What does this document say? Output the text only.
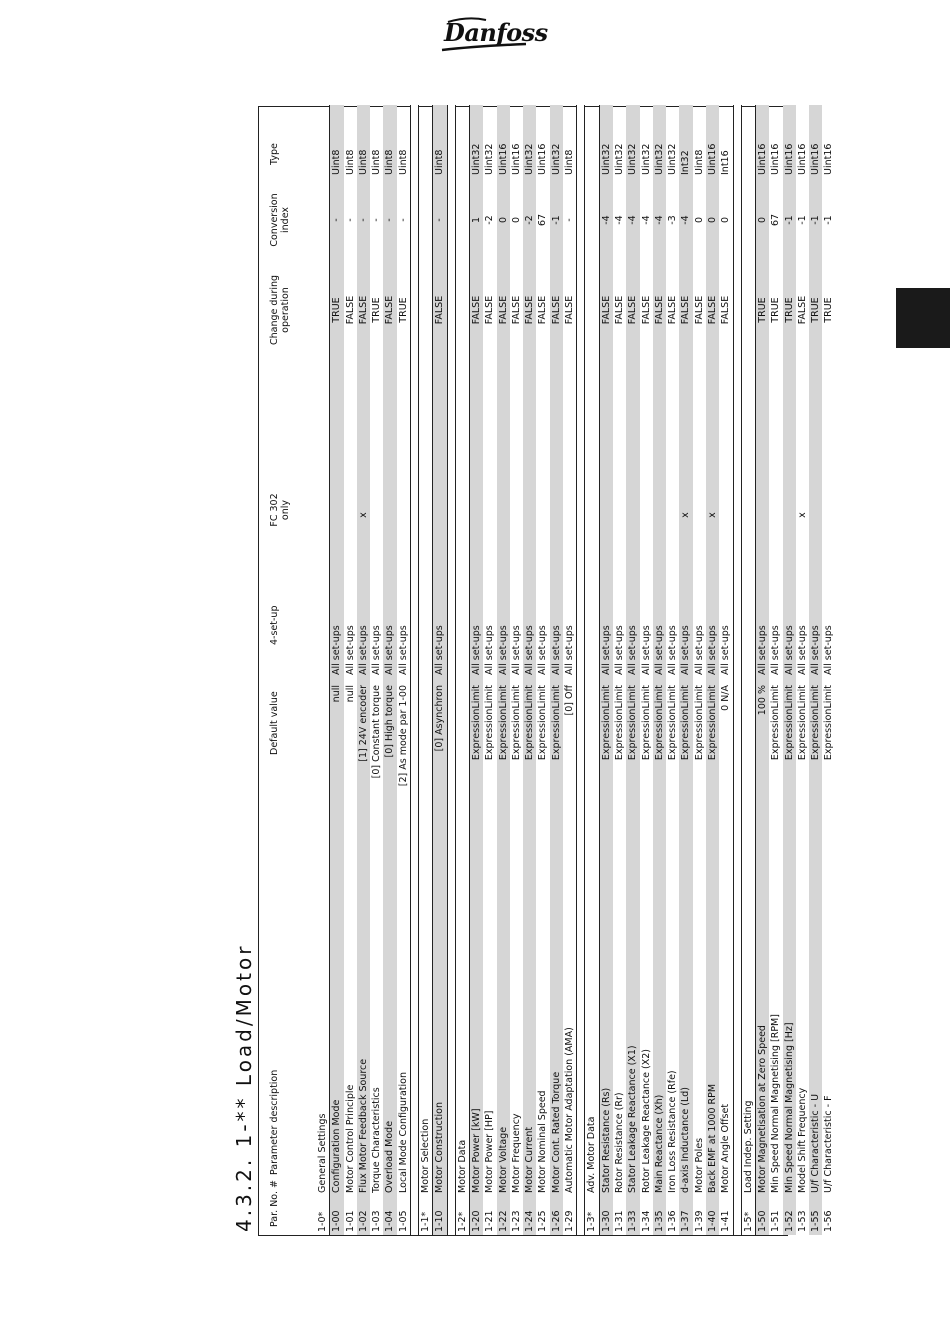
Danfoss
4.3.2. 1-** Load/Motor Par. No. #
Parameter description
Default value
4-set-up
FC 302 only
Change during operation
Conversion index
Type
1-0*
General Settings
1-00
Configuration Mode
null
All set-ups
TRUE
-
Uint8
1-01
Motor Control Principle
null
All set-ups
FALSE
-
Uint8
1-02
Flux Motor Feedback Source
[1] 24V encoder
All set-ups
x
FALSE
-
Uint8
1-03
Torque Characteristics
[0] Constant torque
All set-ups
TRUE
-
Uint8
1-04
Overload Mode
[0] High torque
All set-ups
FALSE
-
Uint8
1-05
Local Mode Configuration
[2] As mode par 1-00
All set-ups
TRUE
-
Uint8
1-1*
Motor Selection
1-10
Motor Construction
[0] Asynchron
All set-ups
FALSE
-
Uint8
1-2*
Motor Data
1-20
Motor Power [kW]
ExpressionLimit
All set-ups
FALSE
1
Uint32
1-21
Motor Power [HP]
ExpressionLimit
All set-ups
FALSE
-2
Uint32
1-22
Motor Voltage
ExpressionLimit
All set-ups
FALSE
0
Uint16
1-23
Motor Frequency
ExpressionLimit
All set-ups
FALSE
0
Uint16
1-24
Motor Current
ExpressionLimit
All set-ups
FALSE
-2
Uint32
1-25
Motor Nominal Speed
ExpressionLimit
All set-ups
FALSE
67
Uint16
1-26
Motor Cont. Rated Torque
ExpressionLimit
All set-ups
FALSE
-1
Uint32
1-29
Automatic Motor Adaptation (AMA)
[0] Off
All set-ups
FALSE
-
Uint8
1-3*
Adv. Motor Data
1-30
Stator Resistance (Rs)
ExpressionLimit
All set-ups
FALSE
-4
Uint32
1-31
Rotor Resistance (Rr)
ExpressionLimit
All set-ups
FALSE
-4
Uint32
1-33
Stator Leakage Reactance (X1)
ExpressionLimit
All set-ups
FALSE
-4
Uint32
1-34
Rotor Leakage Reactance (X2)
ExpressionLimit
All set-ups
FALSE
-4
Uint32
1-35
Main Reactance (Xh)
ExpressionLimit
All set-ups
FALSE
-4
Uint32
1-36
Iron Loss Resistance (Rfe)
ExpressionLimit
All set-ups
FALSE
-3
Uint32
1-37
d-axis Inductance (Ld)
ExpressionLimit
All set-ups
x
FALSE
-4
Int32
1-39
Motor Poles
ExpressionLimit
All set-ups
FALSE
0
Uint8
1-40
Back EMF at 1000 RPM
ExpressionLimit
All set-ups
x
FALSE
0
Uint16
1-41
Motor Angle Offset
0 N/A
All set-ups
FALSE
0
Int16
1-5*
Load Indep. Setting
1-50
Motor Magnetisation at Zero Speed
100 %
All set-ups
TRUE
0
Uint16
1-51
Min Speed Normal Magnetising [RPM]
ExpressionLimit
All set-ups
TRUE
67
Uint16
1-52
Min Speed Normal Magnetising [Hz]
ExpressionLimit
All set-ups
TRUE
-1
Uint16
1-53
Model Shift Frequency
ExpressionLimit
All set-ups
x
FALSE
-1
Uint16
1-55
U/f Characteristic - U
ExpressionLimit
All set-ups
TRUE
-1
Uint16
1-56
U/f Characteristic - F
ExpressionLimit
All set-ups
TRUE
-1
Uint16
